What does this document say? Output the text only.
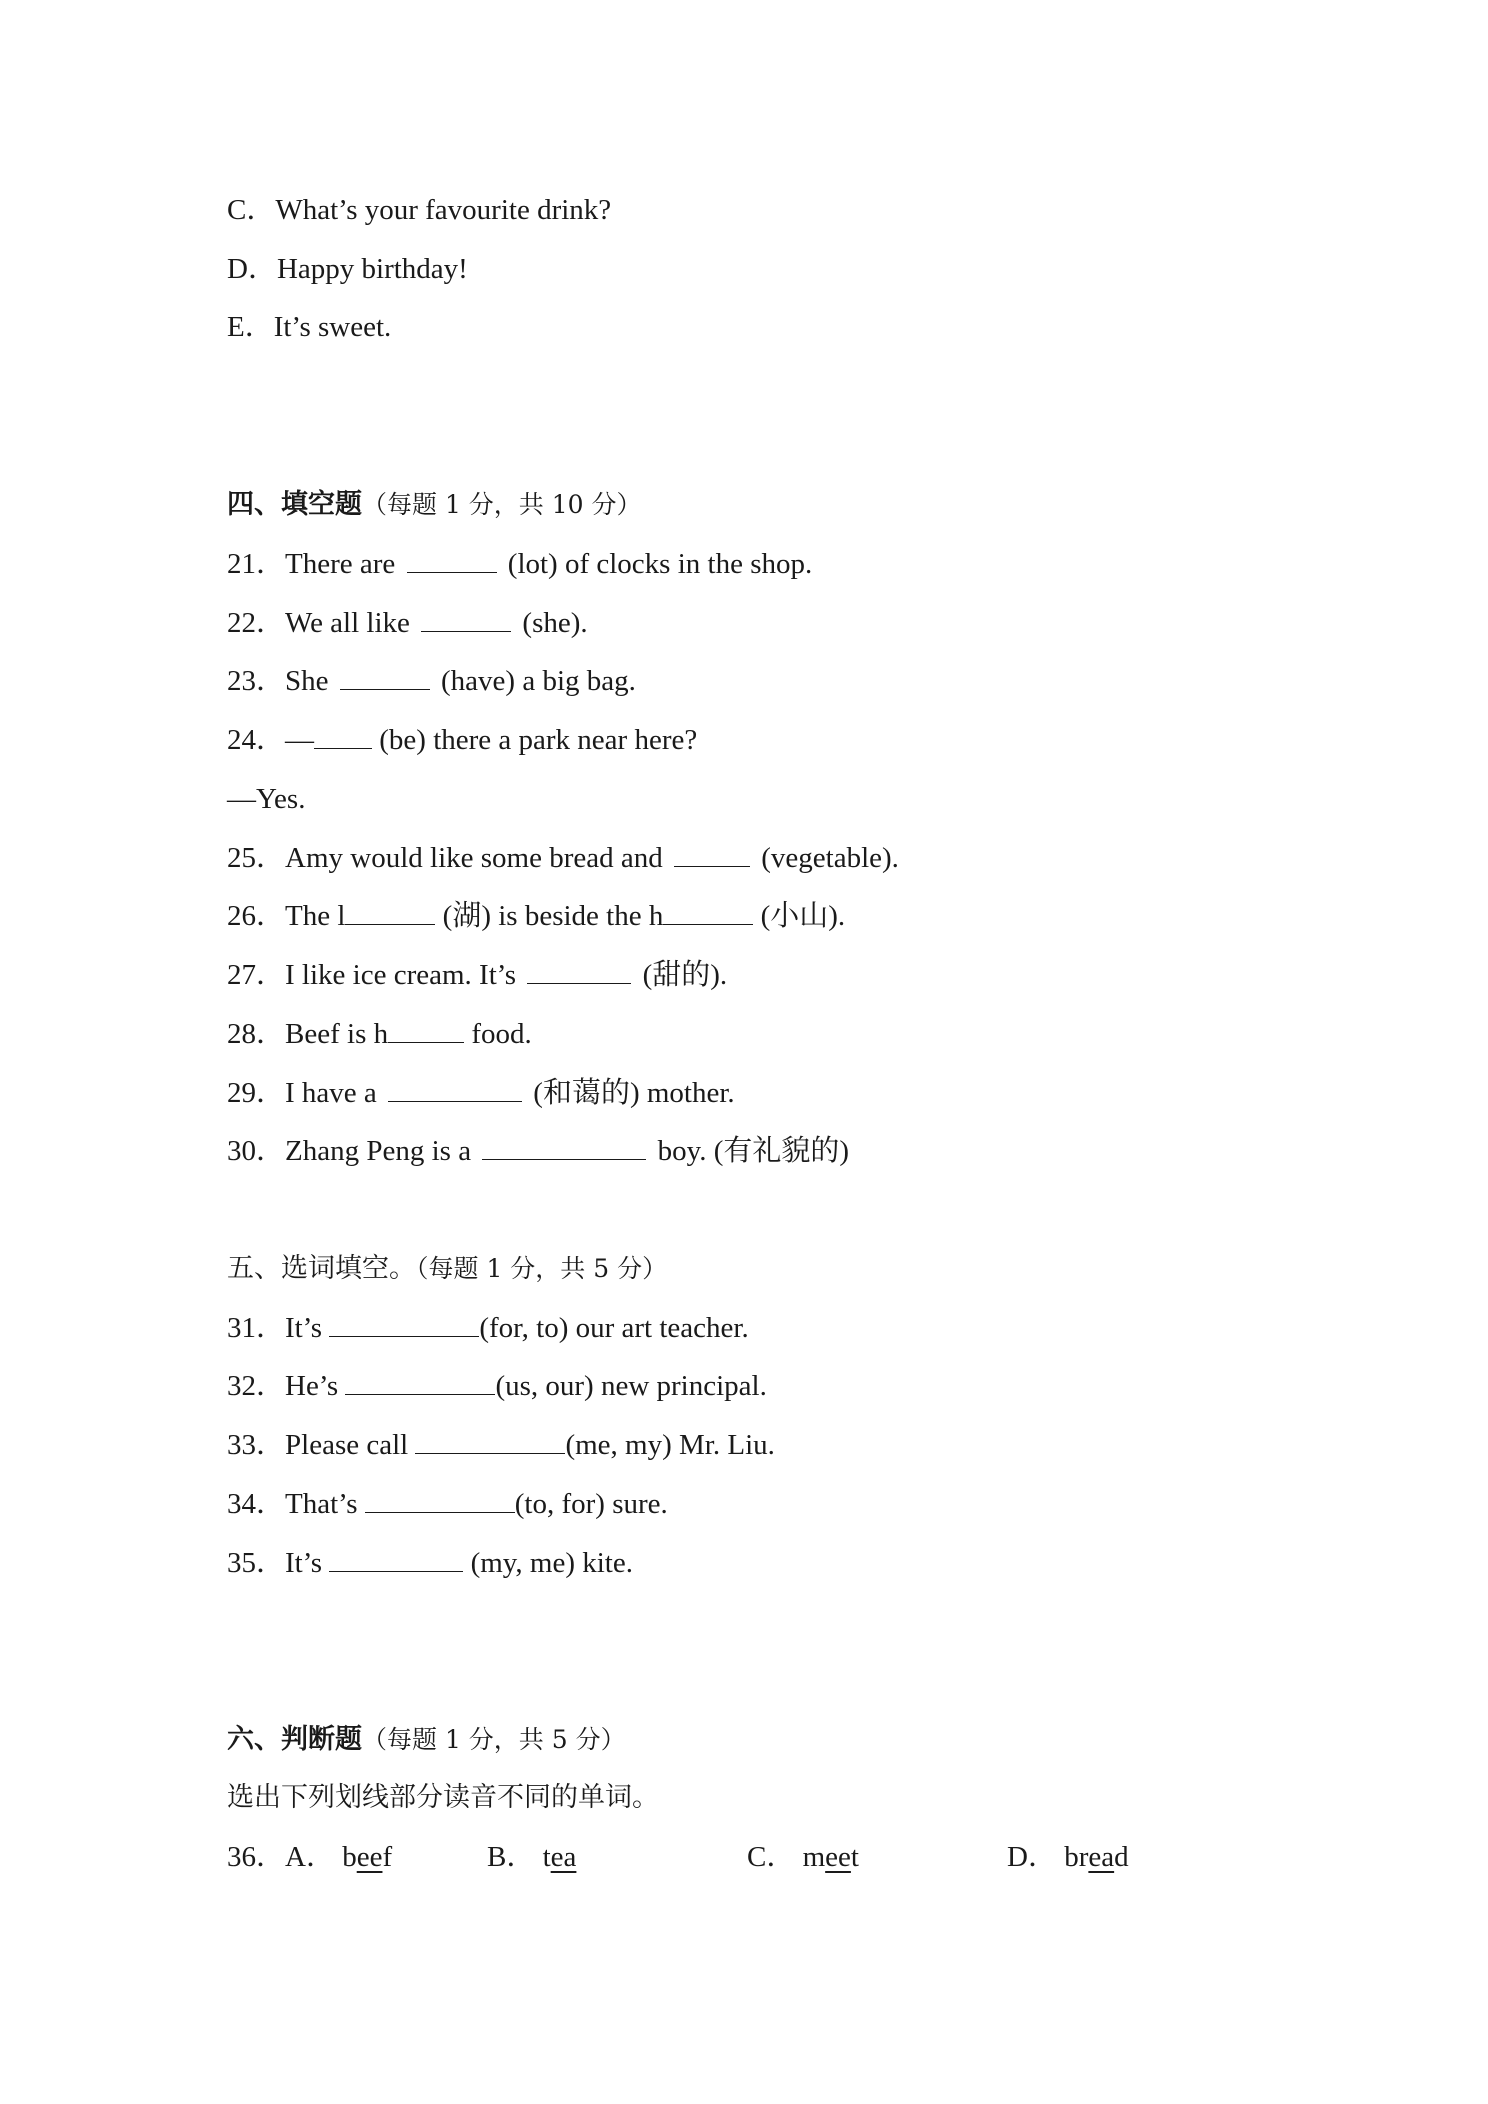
C．What’s your favourite drink?
D．Happy birthday!
E．It’s sweet.
四、填空题（每题 1 分，共 10 分）
21．There are	(lot) of clocks in the shop.
22．We all like	(she).
23．She	(have) a big bag.
24．— (be) there a park near here?
—Yes.
25．Amy would like some bread and	(vegetable).
26．The l	(湖) is beside the h	(小山).
27．I like ice cream. It’s	(甜的).
28．Beef is h	food.
29．I have a	(和蔼的) mother.
30．Zhang Peng is a	boy. (有礼貌的)
五、选词填空。（每题 1 分，共 5 分）
31．It’s	(for, to) our art teacher.
32．He’s	(us, our) new principal.
33．Please call	(me, my) Mr. Liu.
34．That’s	(to, for) sure.
35．It’s	(my, me) kite.
六、判断题（每题 1 分，共 5 分）
选出下列划线部分读音不同的单词。
36．A． beef	B． tea	C． meet	D． bread
